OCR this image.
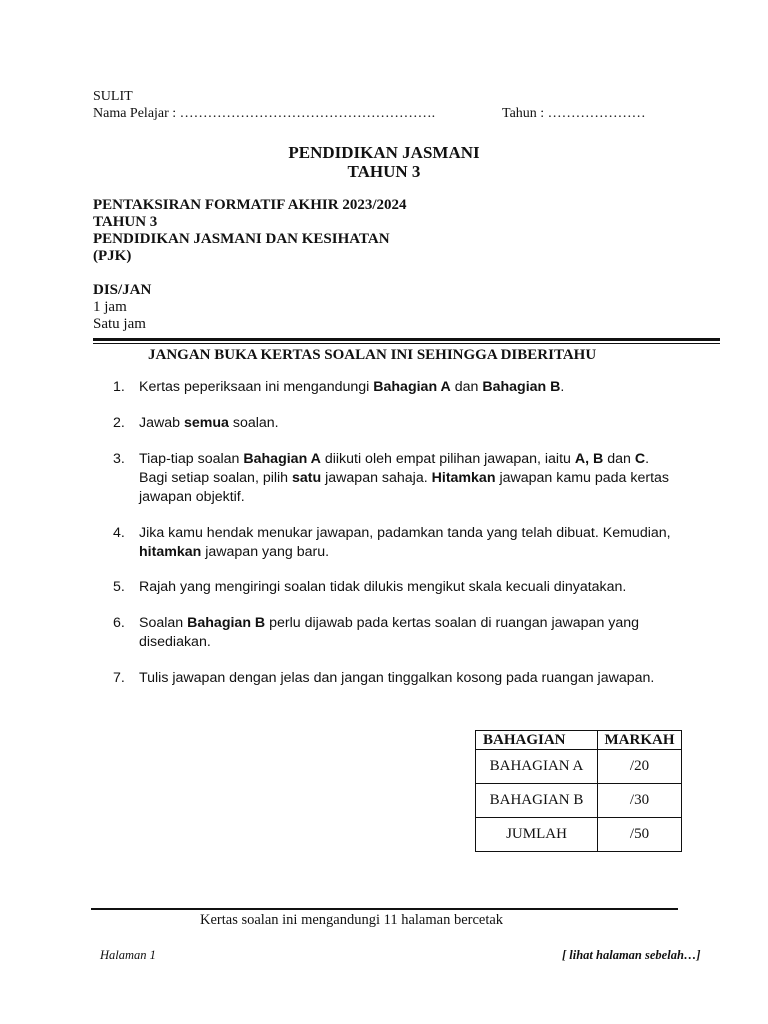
SULIT
Nama Pelajar : ……………………………………………….	Tahun : …………………
PENDIDIKAN JASMANI
TAHUN 3
PENTAKSIRAN FORMATIF AKHIR 2023/2024
TAHUN 3
PENDIDIKAN JASMANI DAN KESIHATAN
(PJK)
DIS/JAN
1 jam
Satu jam
JANGAN BUKA KERTAS SOALAN INI SEHINGGA DIBERITAHU
1. Kertas peperiksaan ini mengandungi Bahagian A dan Bahagian B.
2. Jawab semua soalan.
3. Tiap-tiap soalan Bahagian A diikuti oleh empat pilihan jawapan, iaitu A, B dan C. Bagi setiap soalan, pilih satu jawapan sahaja. Hitamkan jawapan kamu pada kertas jawapan objektif.
4. Jika kamu hendak menukar jawapan, padamkan tanda yang telah dibuat. Kemudian, hitamkan jawapan yang baru.
5. Rajah yang mengiringi soalan tidak dilukis mengikut skala kecuali dinyatakan.
6. Soalan Bahagian B perlu dijawab pada kertas soalan di ruangan jawapan yang disediakan.
7. Tulis jawapan dengan jelas dan jangan tinggalkan kosong pada ruangan jawapan.
BAHAGIAN	MARKAH
BAHAGIAN A	/20
BAHAGIAN B	/30
JUMLAH	/50
Kertas soalan ini mengandungi 11 halaman bercetak
Halaman 1	[ lihat halaman sebelah…]
